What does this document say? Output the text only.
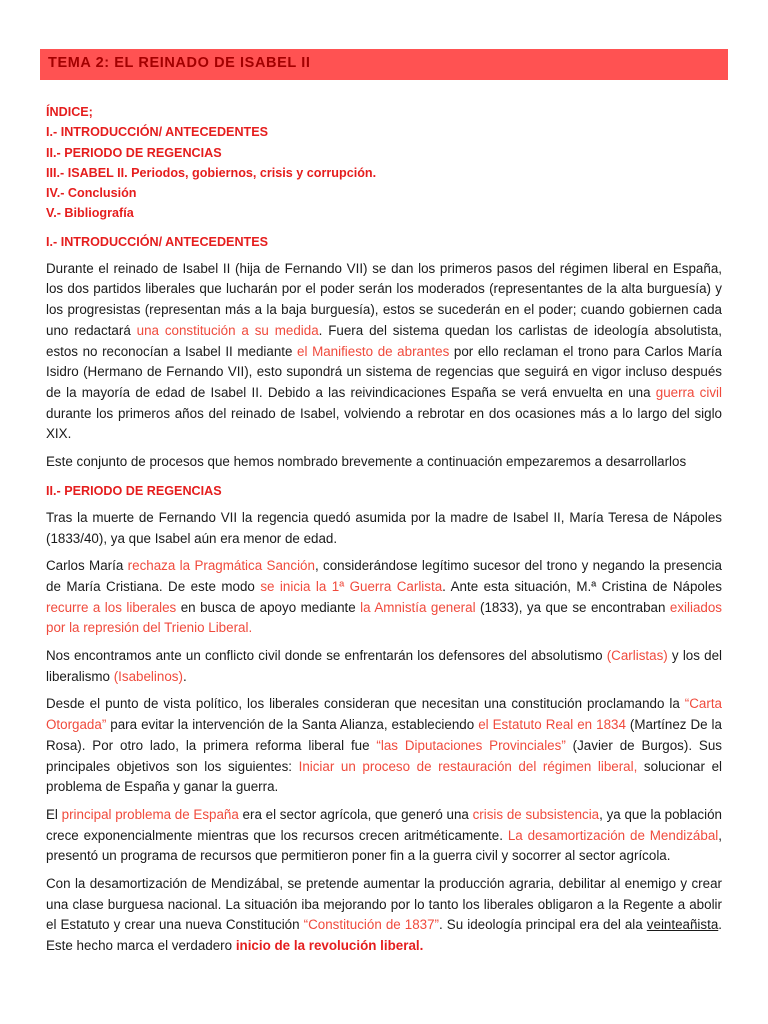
TEMA 2: EL REINADO DE ISABEL II
ÍNDICE;
I.- INTRODUCCIÓN/ ANTECEDENTES
II.- PERIODO DE REGENCIAS
III.- ISABEL II. Periodos, gobiernos, crisis y corrupción.
IV.- Conclusión
V.- Bibliografía
I.- INTRODUCCIÓN/ ANTECEDENTES

Durante el reinado de Isabel II (hija de Fernando VII) se dan los primeros pasos del régimen liberal en España, los dos partidos liberales que lucharán por el poder serán los moderados (representantes de la alta burguesía) y los progresistas (representan más a la baja burguesía), estos se sucederán en el poder; cuando gobiernen cada uno redactará una constitución a su medida. Fuera del sistema quedan los carlistas de ideología absolutista, estos no reconocían a Isabel II mediante el Manifiesto de abrantes por ello reclaman el trono para Carlos María Isidro (Hermano de Fernando VII), esto supondrá un sistema de regencias que seguirá en vigor incluso después de la mayoría de edad de Isabel II. Debido a las reivindicaciones España se verá envuelta en una guerra civil durante los primeros años del reinado de Isabel, volviendo a rebrotar en dos ocasiones más a lo largo del siglo XIX.

Este conjunto de procesos que hemos nombrado brevemente a continuación empezaremos a desarrollarlos

II.- PERIODO DE REGENCIAS

Tras la muerte de Fernando VII la regencia quedó asumida por la madre de Isabel II, María Teresa de Nápoles (1833/40), ya que Isabel aún era menor de edad.

Carlos María rechaza la Pragmática Sanción, considerándose legítimo sucesor del trono y negando la presencia de María Cristiana. De este modo se inicia la 1ª Guerra Carlista. Ante esta situación, M.ª Cristina de Nápoles recurre a los liberales en busca de apoyo mediante la Amnistía general (1833), ya que se encontraban exiliados por la represión del Trienio Liberal.

Nos encontramos ante un conflicto civil donde se enfrentarán los defensores del absolutismo (Carlistas) y los del liberalismo (Isabelinos).

Desde el punto de vista político, los liberales consideran que necesitan una constitución proclamando la “Carta Otorgada” para evitar la intervención de la Santa Alianza, estableciendo el Estatuto Real en 1834 (Martínez De la Rosa). Por otro lado, la primera reforma liberal fue “las Diputaciones Provinciales” (Javier de Burgos). Sus principales objetivos son los siguientes: Iniciar un proceso de restauración del régimen liberal, solucionar el problema de España y ganar la guerra.

El principal problema de España era el sector agrícola, que generó una crisis de subsistencia, ya que la población crece exponencialmente mientras que los recursos crecen aritméticamente. La desamortización de Mendizábal, presentó un programa de recursos que permitieron poner fin a la guerra civil y socorrer al sector agrícola.

Con la desamortización de Mendizábal, se pretende aumentar la producción agraria, debilitar al enemigo y crear una clase burguesa nacional. La situación iba mejorando por lo tanto los liberales obligaron a la Regente a abolir el Estatuto y crear una nueva Constitución “Constitución de 1837”. Su ideología principal era del ala veinteañista. Este hecho marca el verdadero inicio de la revolución liberal.
